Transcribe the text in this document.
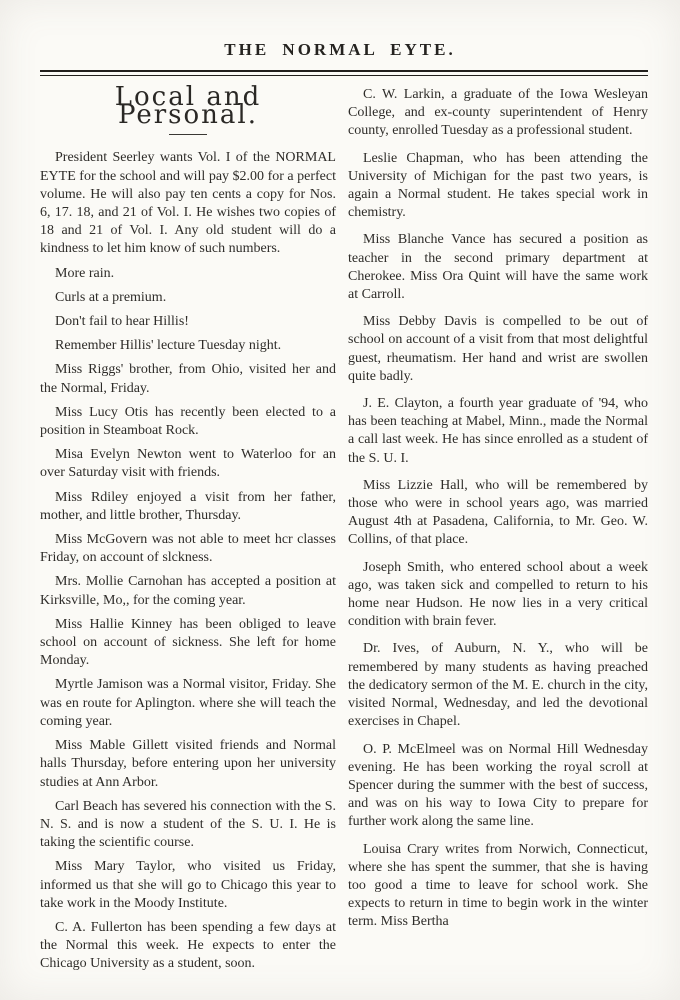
THE NORMAL EYTE.
Local and Personal.

President Seerley wants Vol. I of the NORMAL EYTE for the school and will pay $2.00 for a perfect volume. He will also pay ten cents a copy for Nos. 6, 17. 18, and 21 of Vol. I. He wishes two copies of 18 and 21 of Vol. I. Any old student will do a kindness to let him know of such numbers.

More rain.

Curls at a premium.

Don't fail to hear Hillis!

Remember Hillis' lecture Tuesday night.

Miss Riggs' brother, from Ohio, visited her and the Normal, Friday.

Miss Lucy Otis has recently been elected to a position in Steamboat Rock.

Misa Evelyn Newton went to Waterloo for an over Saturday visit with friends.

Miss Rdiley enjoyed a visit from her father, mother, and little brother, Thursday.

Miss McGovern was not able to meet hcr classes Friday, on account of slckness.

Mrs. Mollie Carnohan has accepted a position at Kirksville, Mo,, for the coming year.

Miss Hallie Kinney has been obliged to leave school on account of sickness. She left for home Monday.

Myrtle Jamison was a Normal visitor, Friday. She was en route for Aplington. where she will teach the coming year.

Miss Mable Gillett visited friends and Normal halls Thursday, before entering upon her university studies at Ann Arbor.

Carl Beach has severed his connection with the S. N. S. and is now a student of the S. U. I. He is taking the scientific course.

Miss Mary Taylor, who visited us Friday, informed us that she will go to Chicago this year to take work in the Moody Institute.

C. A. Fullerton has been spending a few days at the Normal this week. He expects to enter the Chicago University as a student, soon.

C. W. Larkin, a graduate of the Iowa Wesleyan College, and ex-county superintendent of Henry county, enrolled Tuesday as a professional student.

Leslie Chapman, who has been attending the University of Michigan for the past two years, is again a Normal student. He takes special work in chemistry.

Miss Blanche Vance has secured a position as teacher in the second primary department at Cherokee. Miss Ora Quint will have the same work at Carroll.

Miss Debby Davis is compelled to be out of school on account of a visit from that most delightful guest, rheumatism. Her hand and wrist are swollen quite badly.

J. E. Clayton, a fourth year graduate of '94, who has been teaching at Mabel, Minn., made the Normal a call last week. He has since enrolled as a student of the S. U. I.

Miss Lizzie Hall, who will be remembered by those who were in school years ago, was married August 4th at Pasadena, California, to Mr. Geo. W. Collins, of that place.

Joseph Smith, who entered school about a week ago, was taken sick and compelled to return to his home near Hudson. He now lies in a very critical condition with brain fever.

Dr. Ives, of Auburn, N. Y., who will be remembered by many students as having preached the dedicatory sermon of the M. E. church in the city, visited Normal, Wednesday, and led the devotional exercises in Chapel.

O. P. McElmeel was on Normal Hill Wednesday evening. He has been working the royal scroll at Spencer during the summer with the best of success, and was on his way to Iowa City to prepare for further work along the same line.

Louisa Crary writes from Norwich, Connecticut, where she has spent the summer, that she is having too good a time to leave for school work. She expects to return in time to begin work in the winter term. Miss Bertha
